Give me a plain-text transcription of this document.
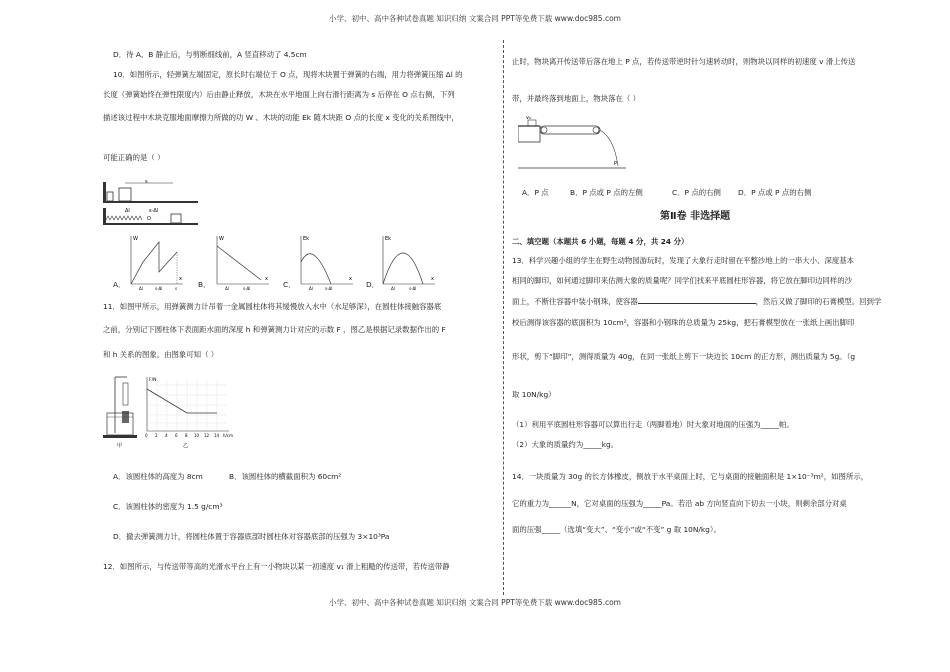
小学、初中、高中各种试卷真题 知识归纳 文案合同 PPT等免费下载 www.doc985.com
D．待 A、B 静止后，与剪断细线前，A 竖直移动了 4.5cm
10．如图所示，轻弹簧左端固定，原长时右端位于 O 点，现将木块置于弹簧的右端，用力将弹簧压缩 Δl 的
长度（弹簧始终在弹性限度内）后由静止释放，木块在水平地面上向右滑行距离为 s 后停在 O 点右侧，下列
描述该过程中木块克服地面摩擦力所做的功 W 、木块的动能 Ek 随木块距 O 点的长度 x 变化的关系图线中，
可能正确的是（ ）
s
Δl	s-Δl
O
A．
W
x
Δl	s-Δl	s	B．
W
x
Δl	s-Δl	C．
Ek
x
Δl	s-Δl	D．
Ek
x
Δl	s-Δl
11．如图甲所示，用弹簧测力计吊着一金属圆柱体将其缓慢放入水中（水足够深），在圆柱体接触容器底
之前，分别记下圆柱体下表面距水面的深度 h 和弹簧测力计对应的示数 F ，图乙是根据记录数据作出的 F
和 h 关系的图象。由图象可知（ ）
甲
F/N
h/cm
0 2 4 6 8 10 12 14
乙
A．该圆柱体的高度为 8cm	B．该圆柱体的横截面积为 60cm²
C．该圆柱体的密度为 1.5 g/cm³
D．撤去弹簧测力计，将圆柱体置于容器底部时圆柱体对容器底部的压强为 3×10³Pa
12．如图所示，与传送带等高的光滑水平台上有一小物块以某一初速度 v₁ 滑上粗糙的传送带，若传送带静
止时，物块离开传送带后落在地上 P 点，若传送带逆时针匀速转动时，则物块以同样的初速度 v 滑上传送
带，并最终落到地面上，物块落在（ ）
v₀
P
A．P 点	B．P 点或 P 点的左侧	C．P 点的右侧 D．P 点或 P 点的右侧
第Ⅱ卷 非选择题
二、填空题（本题共 6 小题，每题 4 分，共 24 分）
13．科学兴趣小组的学生在野生动物园游玩时，发现了大象行走时留在平整沙地上的一串大小、深度基本
相同的脚印，如何通过脚印来估测大象的质量呢？同学们找来平底圆柱形容器，将它放在脚印边同样的沙
面上，不断往容器中装小钢珠，使容器	，然后又做了脚印的石膏模型。回到学
校后测得该容器的底面积为 10cm²，容器和小钢珠的总质量为 25kg，把石膏模型放在一张纸上画出脚印
形状，剪下“脚印”，测得质量为 40g，在同一张纸上剪下一块边长 10cm 的正方形，测出质量为 5g。（g
取 10N/kg）
（1）利用平底圆柱形容器可以算出行走（两脚着地）时大象对地面的压强为_____帕。
（2）大象的质量约为_____kg。
14．一块质量为 30g 的长方体橡皮，侧放于水平桌面上时，它与桌面的接触面积是 1×10⁻³m²，如图所示，
它的重力为______N，它对桌面的压强为_____Pa。若沿 ab 方向竖直向下切去一小块，则剩余部分对桌
面的压强_____（选填“变大”、“变小”或“不变” g 取 10N/kg）。
小学、初中、高中各种试卷真题 知识归纳 文案合同 PPT等免费下载 www.doc985.com
